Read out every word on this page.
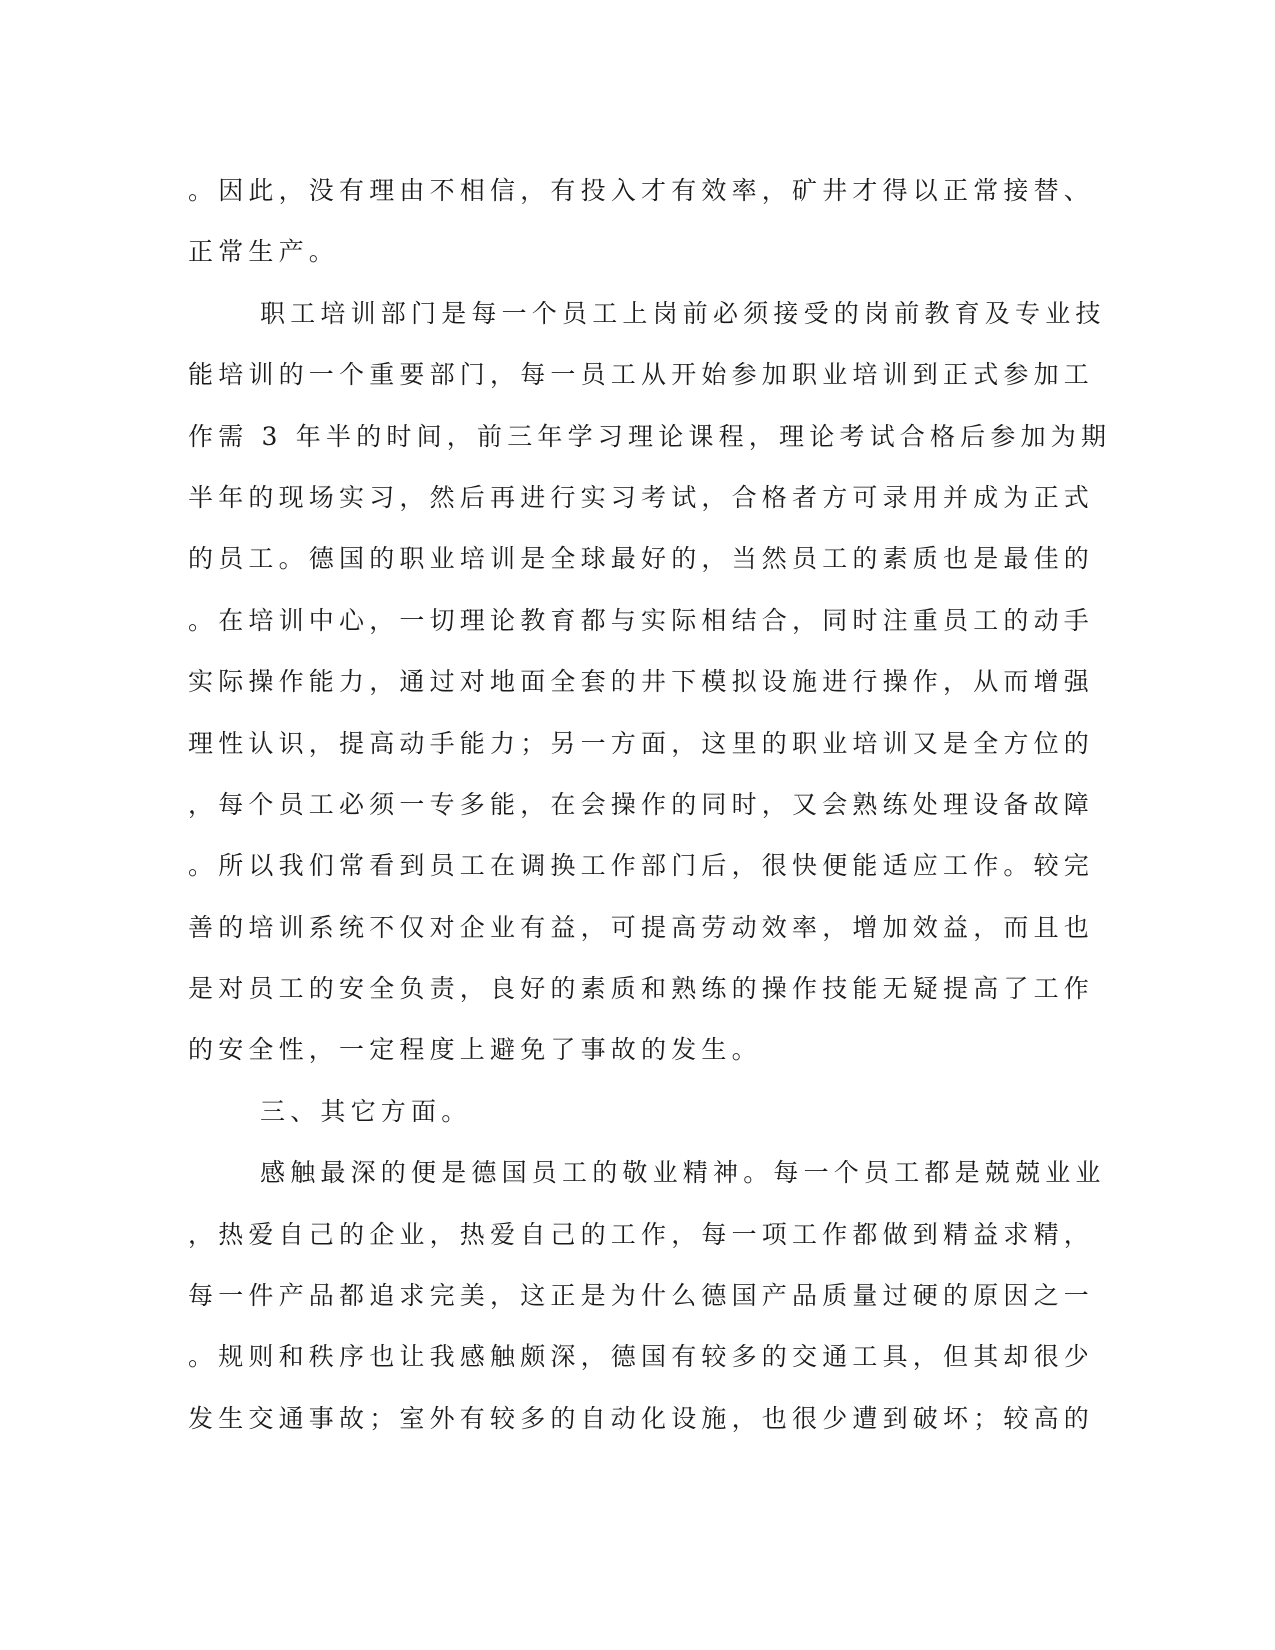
。因此，没有理由不相信，有投入才有效率，矿井才得以正常接替、
正常生产。
职工培训部门是每一个员工上岗前必须接受的岗前教育及专业技
能培训的一个重要部门，每一员工从开始参加职业培训到正式参加工
作需 3 年半的时间，前三年学习理论课程，理论考试合格后参加为期
半年的现场实习，然后再进行实习考试，合格者方可录用并成为正式
的员工。德国的职业培训是全球最好的，当然员工的素质也是最佳的
。在培训中心，一切理论教育都与实际相结合，同时注重员工的动手
实际操作能力，通过对地面全套的井下模拟设施进行操作，从而增强
理性认识，提高动手能力；另一方面，这里的职业培训又是全方位的
，每个员工必须一专多能，在会操作的同时，又会熟练处理设备故障
。所以我们常看到员工在调换工作部门后，很快便能适应工作。较完
善的培训系统不仅对企业有益，可提高劳动效率，增加效益，而且也
是对员工的安全负责，良好的素质和熟练的操作技能无疑提高了工作
的安全性，一定程度上避免了事故的发生。
三、其它方面。
感触最深的便是德国员工的敬业精神。每一个员工都是兢兢业业
，热爱自己的企业，热爱自己的工作，每一项工作都做到精益求精，
每一件产品都追求完美，这正是为什么德国产品质量过硬的原因之一
。规则和秩序也让我感触颇深，德国有较多的交通工具，但其却很少
发生交通事故；室外有较多的自动化设施，也很少遭到破坏；较高的
